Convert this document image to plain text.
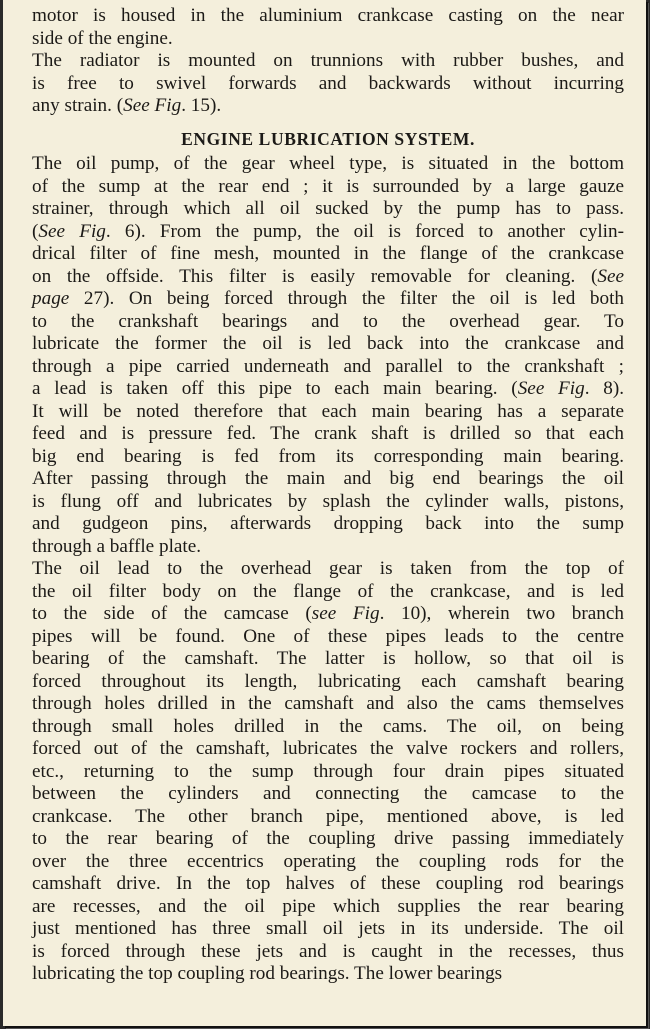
motor is housed in the aluminium crankcase casting on the near
side of the engine.
The radiator is mounted on trunnions with rubber bushes, and
is free to swivel forwards and backwards without incurring
any strain. (See Fig. 15).
ENGINE LUBRICATION SYSTEM.
The oil pump, of the gear wheel type, is situated in the bottom
of the sump at the rear end ; it is surrounded by a large gauze
strainer, through which all oil sucked by the pump has to pass.
(See Fig. 6). From the pump, the oil is forced to another cylin-
drical filter of fine mesh, mounted in the flange of the crankcase
on the offside. This filter is easily removable for cleaning. (See
page 27). On being forced through the filter the oil is led both
to the crankshaft bearings and to the overhead gear. To
lubricate the former the oil is led back into the crankcase and
through a pipe carried underneath and parallel to the crankshaft ;
a lead is taken off this pipe to each main bearing. (See Fig. 8).
It will be noted therefore that each main bearing has a separate
feed and is pressure fed. The crank shaft is drilled so that each
big end bearing is fed from its corresponding main bearing.
After passing through the main and big end bearings the oil
is flung off and lubricates by splash the cylinder walls, pistons,
and gudgeon pins, afterwards dropping back into the sump
through a baffle plate.
The oil lead to the overhead gear is taken from the top of
the oil filter body on the flange of the crankcase, and is led
to the side of the camcase (see Fig. 10), wherein two branch
pipes will be found. One of these pipes leads to the centre
bearing of the camshaft. The latter is hollow, so that oil is
forced throughout its length, lubricating each camshaft bearing
through holes drilled in the camshaft and also the cams themselves
through small holes drilled in the cams. The oil, on being
forced out of the camshaft, lubricates the valve rockers and rollers,
etc., returning to the sump through four drain pipes situated
between the cylinders and connecting the camcase to the
crankcase. The other branch pipe, mentioned above, is led
to the rear bearing of the coupling drive passing immediately
over the three eccentrics operating the coupling rods for the
camshaft drive. In the top halves of these coupling rod bearings
are recesses, and the oil pipe which supplies the rear bearing
just mentioned has three small oil jets in its underside. The oil
is forced through these jets and is caught in the recesses, thus
lubricating the top coupling rod bearings. The lower bearings
